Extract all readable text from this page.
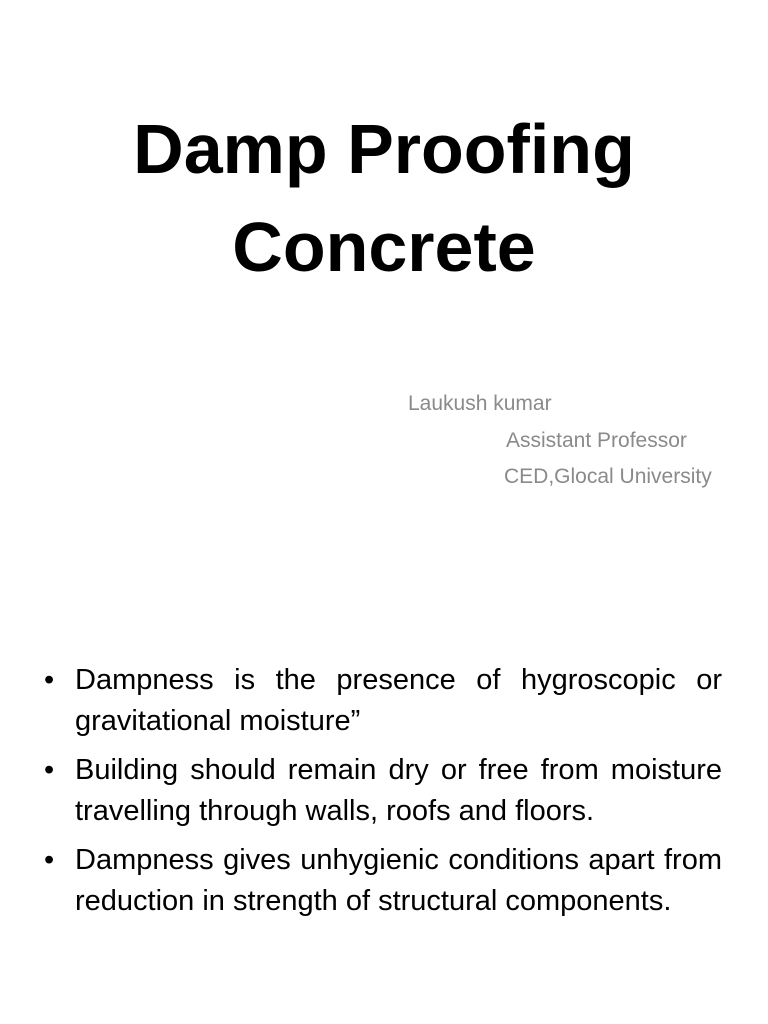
Damp Proofing
Concrete
Laukush kumar
Assistant Professor
CED,Glocal University
• Dampness is the presence of hygroscopic or gravitational moisture”
• Building should remain dry or free from moisture travelling through walls, roofs and floors.
• Dampness gives unhygienic conditions apart from reduction in strength of structural components.
